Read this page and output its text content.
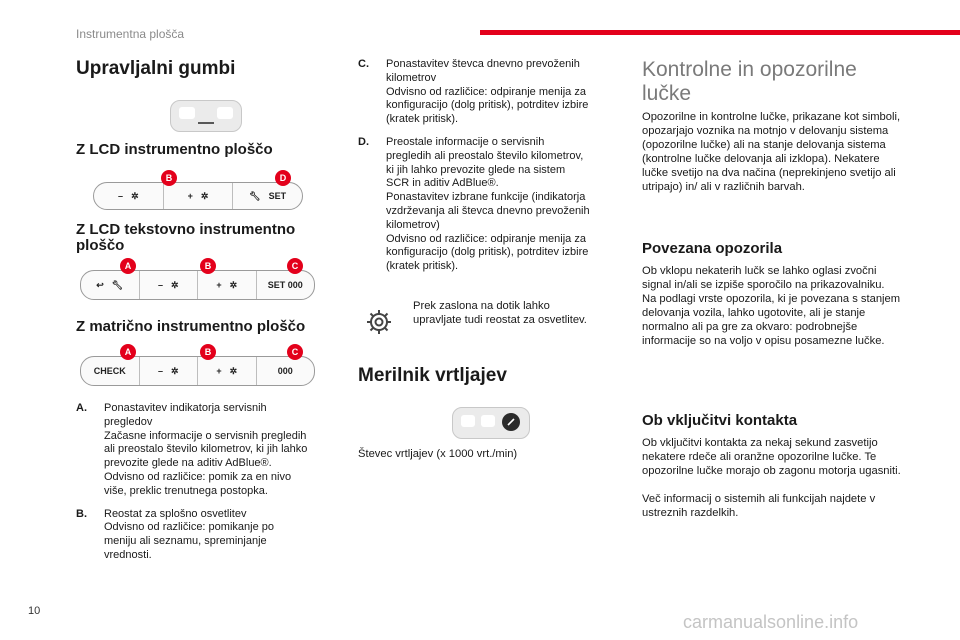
Instrumentna plošča
Upravljalni gumbi
Z LCD instrumentno ploščo
– ✲	+ ✲	🔧︎ SET
B	D
Z LCD tekstovno instrumentno
ploščo
↩ 🔧︎	– ✲	+ ✲	SET 000
A	B	C
Z matrično instrumentno ploščo
CHECK	– ✲	+ ✲	000
A	B	C
A.	Ponastavitev indikatorja servisnih
pregledov
Začasne informacije o servisnih pregledih
ali preostalo število kilometrov, ki jih lahko
prevozite glede na aditiv AdBlue®.
Odvisno od različice: pomik za en nivo
više, preklic trenutnega postopka.
B.	Reostat za splošno osvetlitev
Odvisno od različice: pomikanje po
meniju ali seznamu, spreminjanje
vrednosti.
C.	Ponastavitev števca dnevno prevoženih
kilometrov
Odvisno od različice: odpiranje menija za
konfiguracijo (dolg pritisk), potrditev izbire
(kratek pritisk).
D.	Preostale informacije o servisnih
pregledih ali preostalo število kilometrov,
ki jih lahko prevozite glede na sistem
SCR in aditiv AdBlue®.
Ponastavitev izbrane funkcije (indikatorja
vzdrževanja ali števca dnevno prevoženih
kilometrov)
Odvisno od različice: odpiranje menija za
konfiguracijo (dolg pritisk), potrditev izbire
(kratek pritisk).
Prek zaslona na dotik lahko
upravljate tudi reostat za osvetlitev.
Merilnik vrtljajev
Števec vrtljajev (x 1000 vrt./min)
Kontrolne in opozorilne
lučke

Opozorilne in kontrolne lučke, prikazane kot simboli, opozarjajo voznika na motnjo v delovanju sistema (opozorilne lučke) ali na stanje delovanja sistema (kontrolne lučke delovanja ali izklopa). Nekatere lučke svetijo na dva načina (neprekinjeno svetijo ali utripajo) in/ ali v različnih barvah.

Povezana opozorila
Ob vklopu nekaterih lučk se lahko oglasi zvočni signal in/ali se izpiše sporočilo na prikazovalniku.
Na podlagi vrste opozorila, ki je povezana s stanjem delovanja vozila, lahko ugotovite, ali je stanje normalno ali pa gre za okvaro: podrobnejše informacije so na voljo v opisu posamezne lučke.
Ob vključitvi kontakta

Ob vključitvi kontakta za nekaj sekund zasvetijo nekatere rdeče ali oranžne opozorilne lučke. Te opozorilne lučke morajo ob zagonu motorja ugasniti.

Več informacij o sistemih ali funkcijah najdete v ustreznih razdelkih.

10
carmanualsonline.info
